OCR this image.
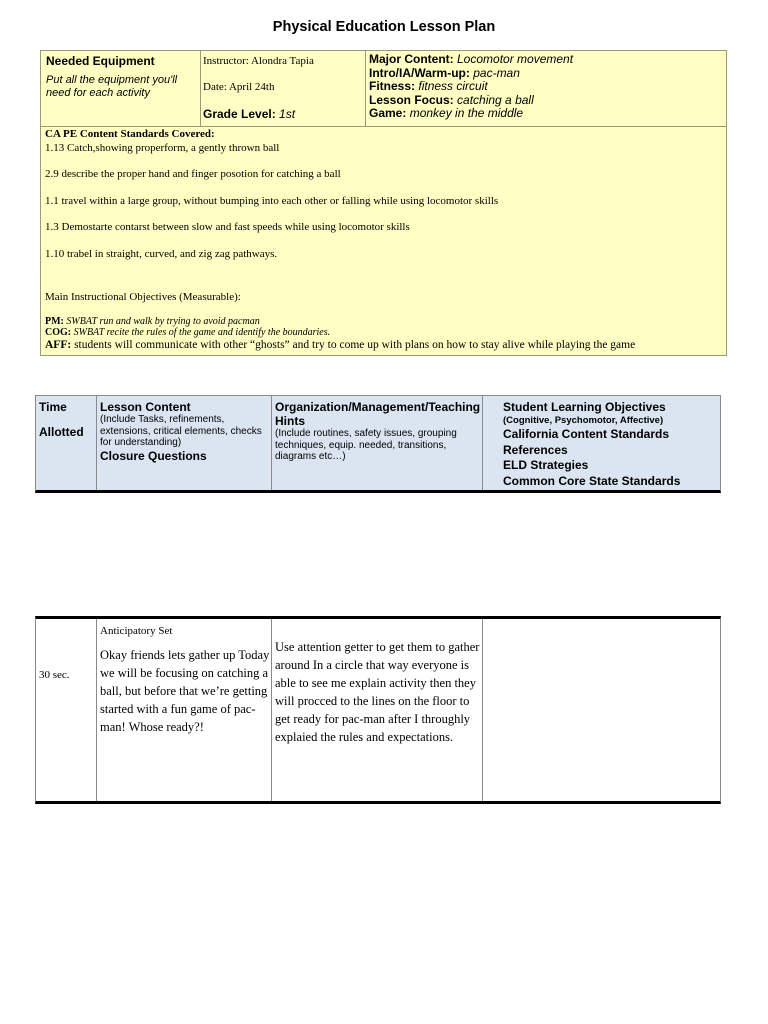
Physical Education Lesson Plan
Needed Equipment
Put all the equipment you'll need for each activity
Instructor: Alondra Tapia
Date: April 24th
Grade Level: 1st
Major Content: Locomotor movement
Intro/IA/Warm-up: pac-man
Fitness: fitness circuit
Lesson Focus: catching a ball
Game: monkey in the middle
CA PE Content Standards Covered:
1.13 Catch,showing properform, a gently thrown ball
2.9 describe the proper hand and finger posotion for catching a ball
1.1 travel within a large group, without bumping into each other or falling while using locomotor skills
1.3 Demostarte contarst between slow and fast speeds while using locomotor skills
1.10 trabel in straight, curved, and zig zag pathways.
Main Instructional Objectives (Measurable):
PM: SWBAT run and walk by trying to avoid pacman
COG: SWBAT recite the rules of the game and identify the boundaries.
AFF: students will communicate with other “ghosts” and try to come up with plans on how to stay alive while playing the game
Time
Allotted
Lesson Content
(Include Tasks, refinements, extensions, critical elements, checks for understanding)
Closure Questions
Organization/Management/Teaching Hints
(Include routines, safety issues, grouping techniques, equip. needed, transitions, diagrams etc…)
Student Learning Objectives
(Cognitive, Psychomotor, Affective)
California Content Standards
References
ELD Strategies
Common Core State Standards
30 sec.
Anticipatory Set
Okay friends lets gather up Today we will be focusing on catching a ball, but before that we’re getting started with a fun game of pac-man! Whose ready?!
Use attention getter to get them to gather around In a circle that way everyone is able to see me explain activity then they will procced to the lines on the floor to get ready for pac-man after I throughly explaied the rules and expectations.
